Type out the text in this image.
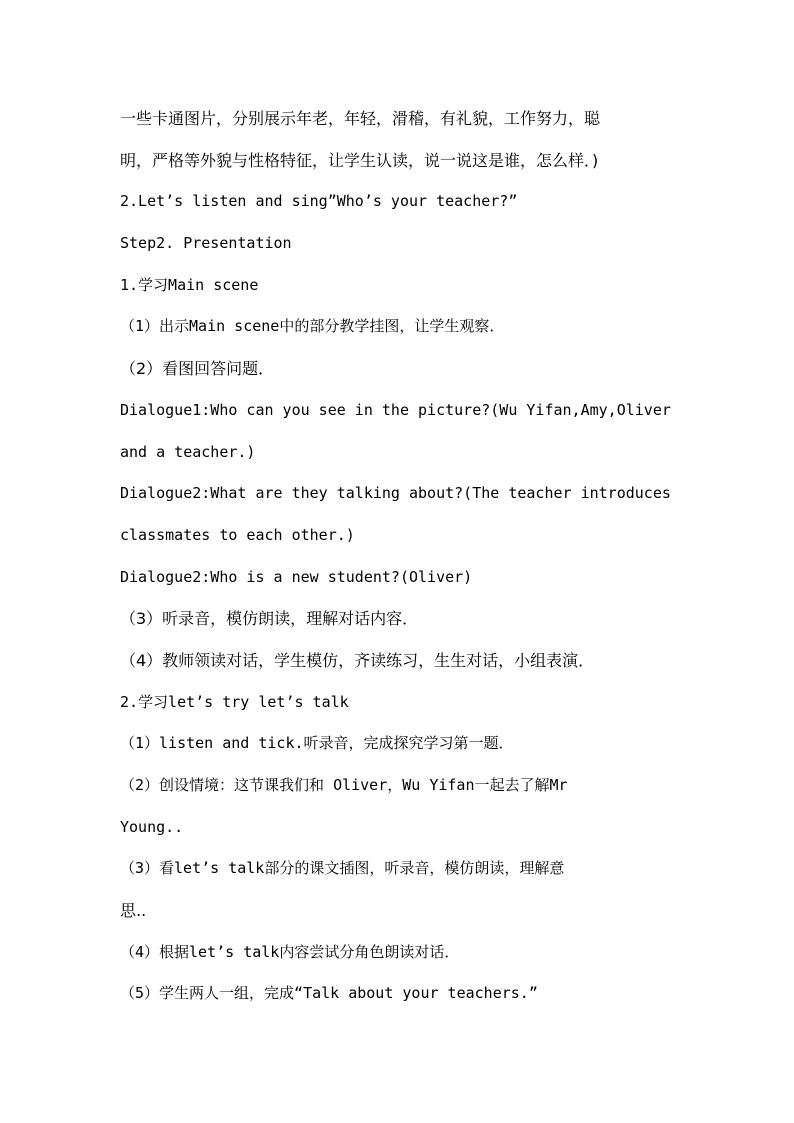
一些卡通图片，分别展示年老，年轻，滑稽，有礼貌，工作努力，聪
明，严格等外貌与性格特征，让学生认读，说一说这是谁，怎么样．)
2.Let’s listen and sing”Who’s your teacher?”
Step2. Presentation
1.学习Main scene
（1）出示Main scene中的部分教学挂图，让学生观察．
（2）看图回答问题．
Dialogue1:Who can you see in the picture?(Wu Yifan,Amy,Oliver
and a teacher.)
Dialogue2:What are they talking about?(The teacher introduces
classmates to each other.)
Dialogue2:Who is a new student?(Oliver)
（3）听录音，模仿朗读，理解对话内容．
（4）教师领读对话，学生模仿，齐读练习，生生对话，小组表演．
2.学习let’s try let’s talk
（1）listen and tick.听录音，完成探究学习第一题．
（2）创设情境：这节课我们和 Oliver，Wu Yifan一起去了解Mr
Young..
（3）看let’s talk部分的课文插图，听录音，模仿朗读，理解意
思..
（4）根据let’s talk内容尝试分角色朗读对话．
（5）学生两人一组，完成“Talk about your teachers.”
